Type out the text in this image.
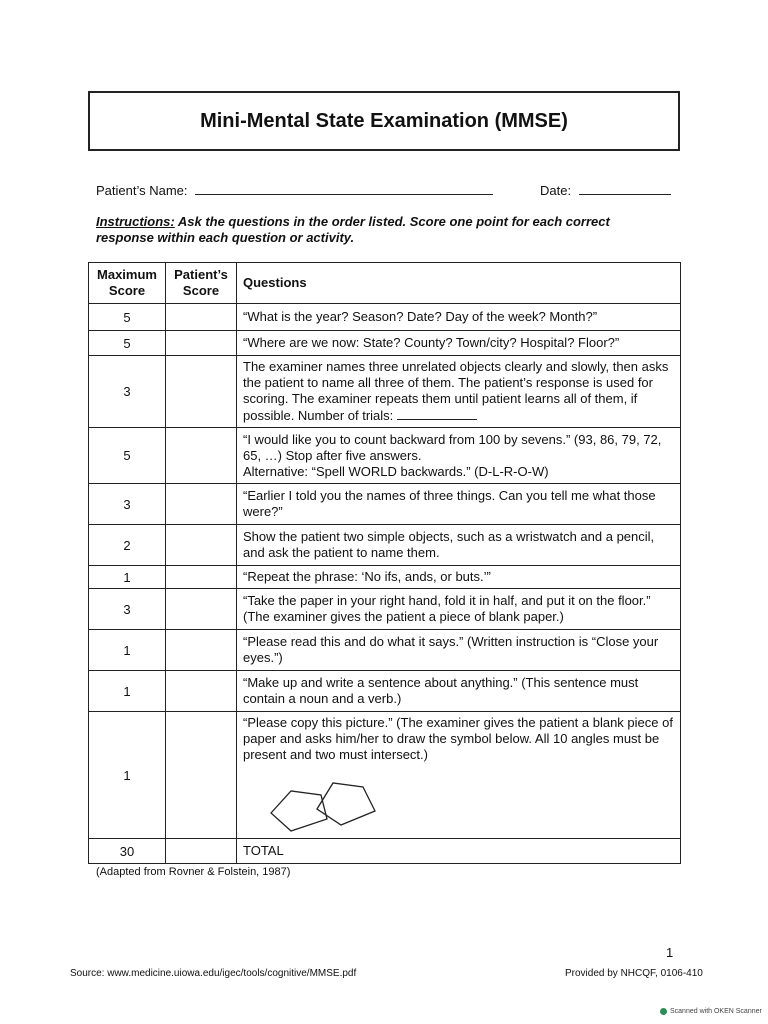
Mini-Mental State Examination (MMSE)
Patient’s Name:	Date:
Instructions: Ask the questions in the order listed. Score one point for each correct response within each question or activity.
Maximum Score	Patient’s Score	Questions
5		“What is the year? Season? Date? Day of the week? Month?”
5		“Where are we now: State? County? Town/city? Hospital? Floor?”
3		The examiner names three unrelated objects clearly and slowly, then asks the patient to name all three of them. The patient’s response is used for scoring. The examiner repeats them until patient learns all of them, if possible. Number of trials:
5		“I would like you to count backward from 100 by sevens.” (93, 86, 79, 72, 65, …) Stop after five answers.
Alternative: “Spell WORLD backwards.” (D-L-R-O-W)
3		“Earlier I told you the names of three things. Can you tell me what those were?”
2		Show the patient two simple objects, such as a wristwatch and a pencil, and ask the patient to name them.
1		“Repeat the phrase: ‘No ifs, ands, or buts.’”
3		“Take the paper in your right hand, fold it in half, and put it on the floor.” (The examiner gives the patient a piece of blank paper.)
1		“Please read this and do what it says.” (Written instruction is “Close your eyes.”)
1		“Make up and write a sentence about anything.” (This sentence must contain a noun and a verb.)
1		“Please copy this picture.” (The examiner gives the patient a blank piece of paper and asks him/her to draw the symbol below. All 10 angles must be present and two must intersect.)

30		TOTAL
(Adapted from Rovner & Folstein, 1987)
1
Source: www.medicine.uiowa.edu/igec/tools/cognitive/MMSE.pdf	Provided by NHCQF, 0106-410
Scanned with OKEN Scanner
